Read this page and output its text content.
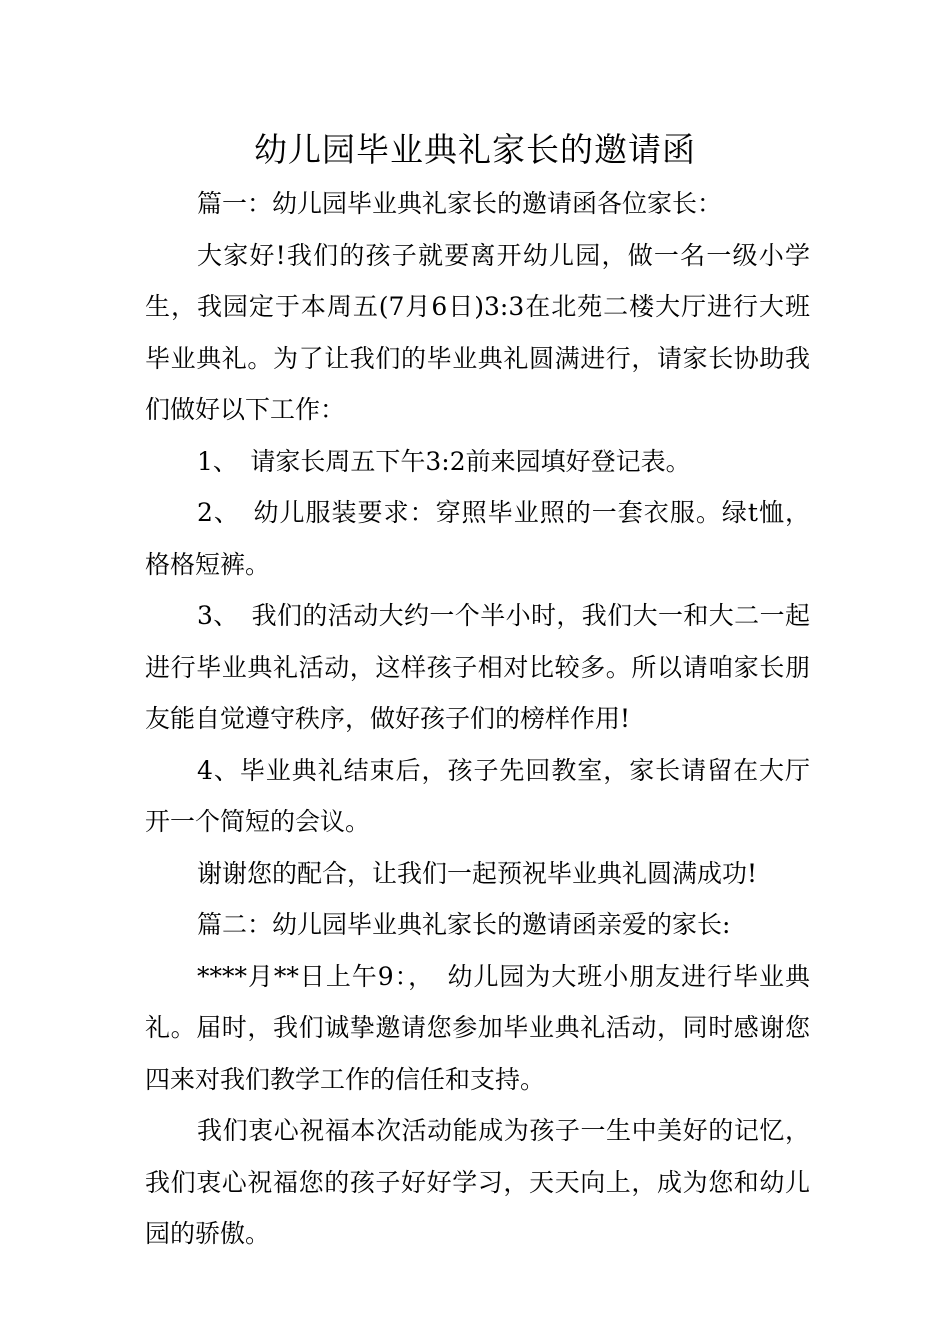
幼儿园毕业典礼家长的邀请函

篇一：幼儿园毕业典礼家长的邀请函各位家长：

大家好!我们的孩子就要离开幼儿园，做一名一级小学生，我园定于本周五(7月6日)3:3在北苑二楼大厅进行大班毕业典礼。为了让我们的毕业典礼圆满进行，请家长协助我们做好以下工作：

1、　请家长周五下午3:2前来园填好登记表。

2、　幼儿服装要求：穿照毕业照的一套衣服。绿t恤，格格短裤。

3、　我们的活动大约一个半小时，我们大一和大二一起进行毕业典礼活动，这样孩子相对比较多。所以请咱家长朋友能自觉遵守秩序，做好孩子们的榜样作用!

4、毕业典礼结束后，孩子先回教室，家长请留在大厅开一个简短的会议。

谢谢您的配合，让我们一起预祝毕业典礼圆满成功!

篇二：幼儿园毕业典礼家长的邀请函亲爱的家长:

****月**日上午9：，　幼儿园为大班小朋友进行毕业典礼。届时，我们诚挚邀请您参加毕业典礼活动，同时感谢您四来对我们教学工作的信任和支持。

我们衷心祝福本次活动能成为孩子一生中美好的记忆，我们衷心祝福您的孩子好好学习，天天向上，成为您和幼儿园的骄傲。
